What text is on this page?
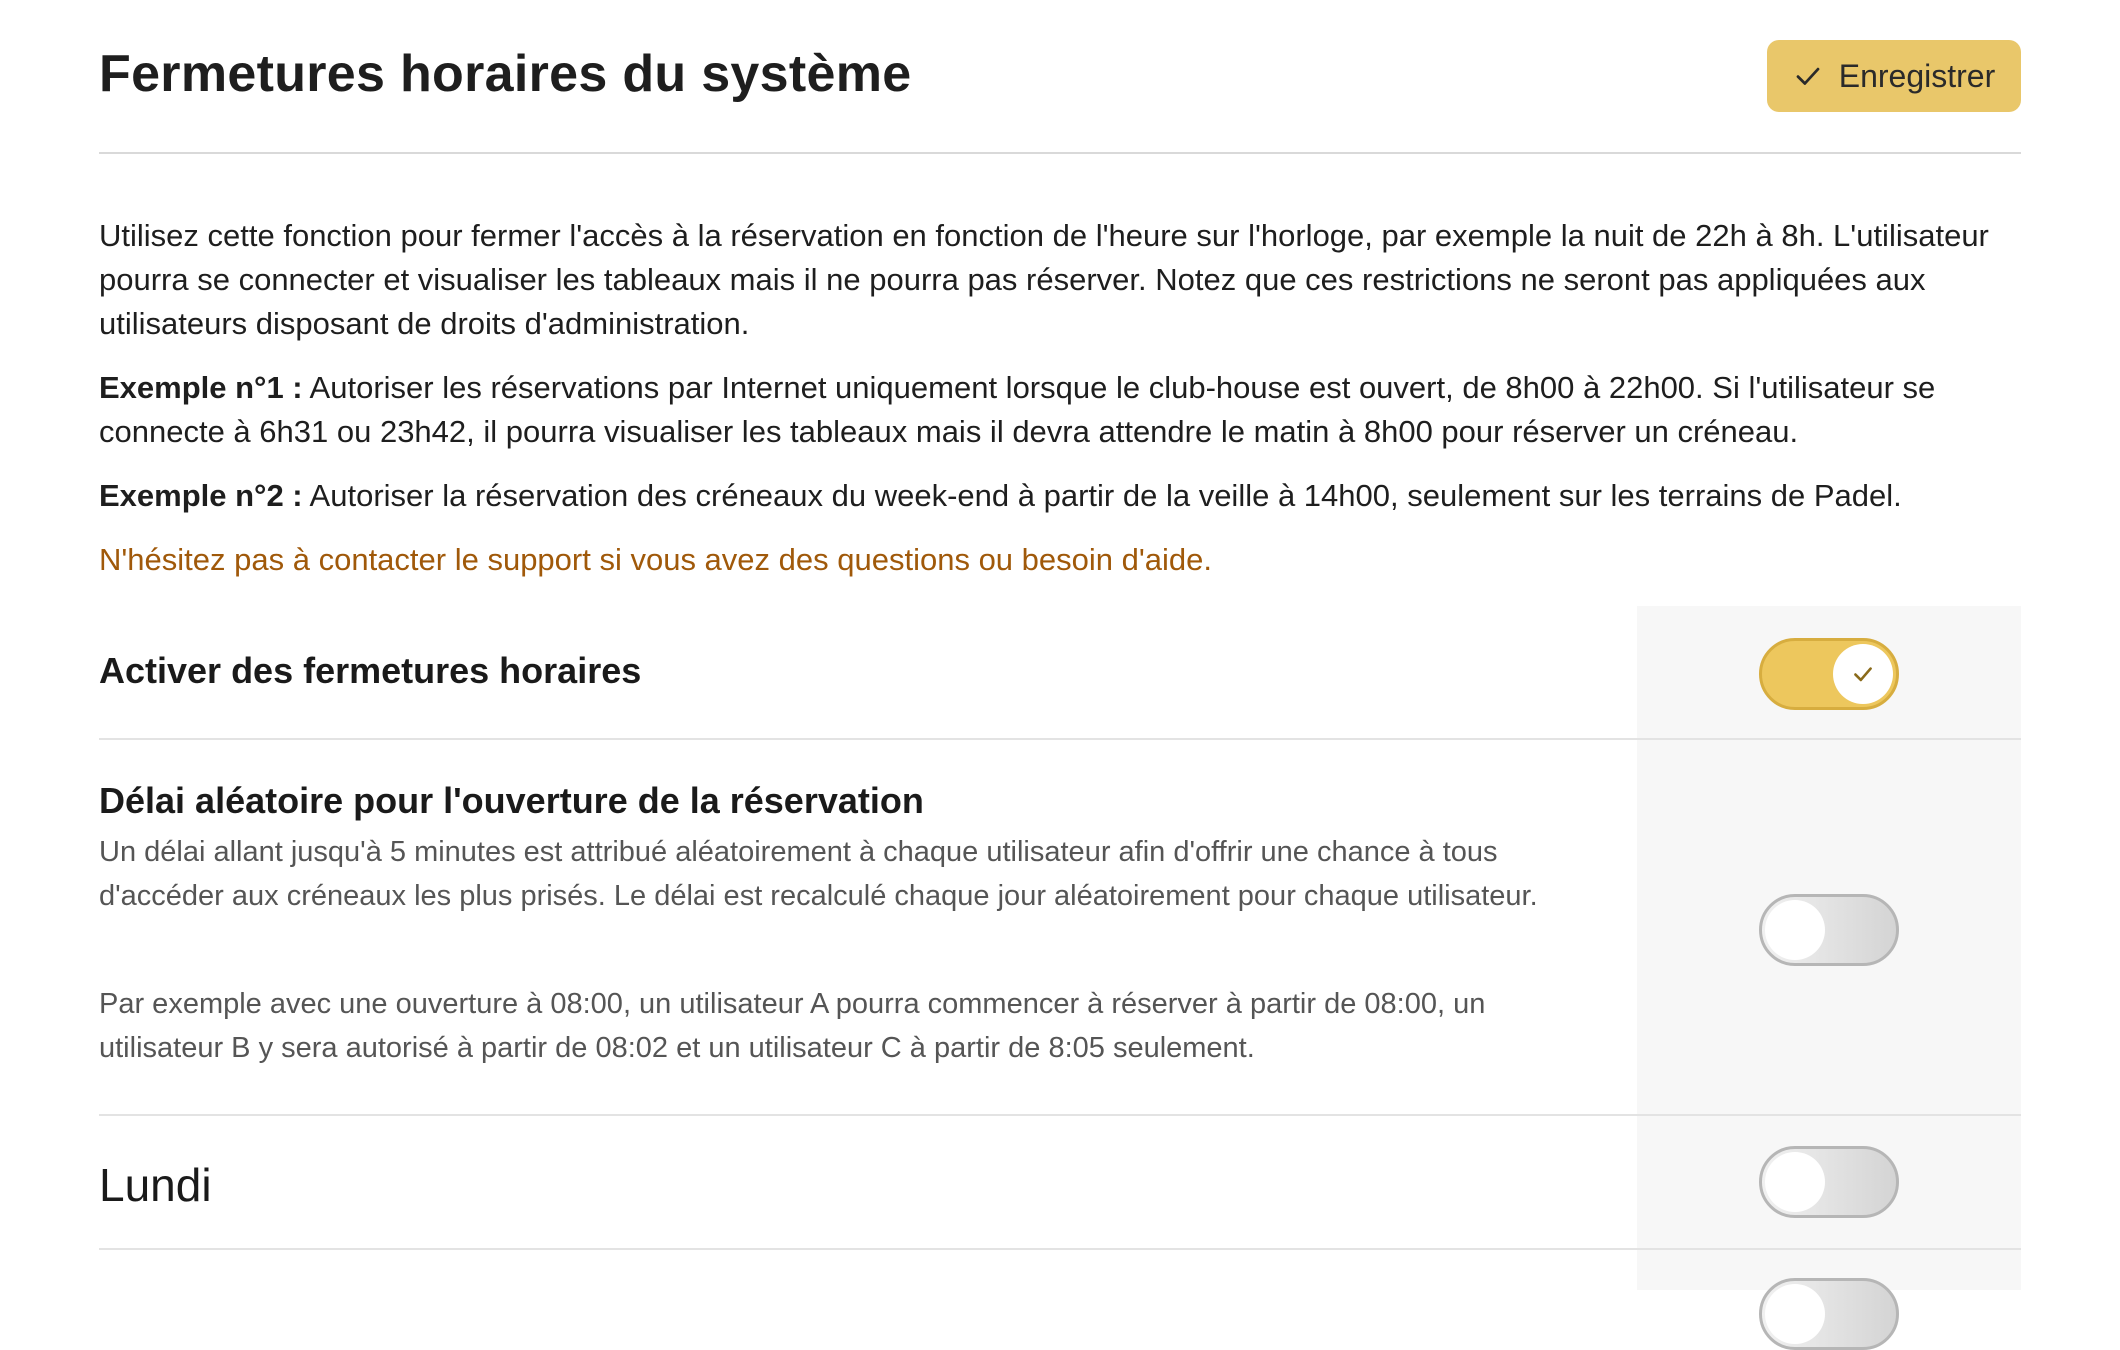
Fermetures horaires du système	Enregistrer

Utilisez cette fonction pour fermer l'accès à la réservation en fonction de l'heure sur l'horloge, par exemple la nuit de 22h à 8h. L'utilisateur pourra se connecter et visualiser les tableaux mais il ne pourra pas réserver. Notez que ces restrictions ne seront pas appliquées aux utilisateurs disposant de droits d'administration.

Exemple n°1 : Autoriser les réservations par Internet uniquement lorsque le club-house est ouvert, de 8h00 à 22h00. Si l'utilisateur se connecte à 6h31 ou 23h42, il pourra visualiser les tableaux mais il devra attendre le matin à 8h00 pour réserver un créneau.

Exemple n°2 : Autoriser la réservation des créneaux du week-end à partir de la veille à 14h00, seulement sur les terrains de Padel.

N'hésitez pas à contacter le support si vous avez des questions ou besoin d'aide.

Activer des fermetures horaires
Délai aléatoire pour l'ouverture de la réservation

Un délai allant jusqu'à 5 minutes est attribué aléatoirement à chaque utilisateur afin d'offrir une chance à tous d'accéder aux créneaux les plus prisés. Le délai est recalculé chaque jour aléatoirement pour chaque utilisateur.

Par exemple avec une ouverture à 08:00, un utilisateur A pourra commencer à réserver à partir de 08:00, un utilisateur B y sera autorisé à partir de 08:02 et un utilisateur C à partir de 8:05 seulement.

Lundi
